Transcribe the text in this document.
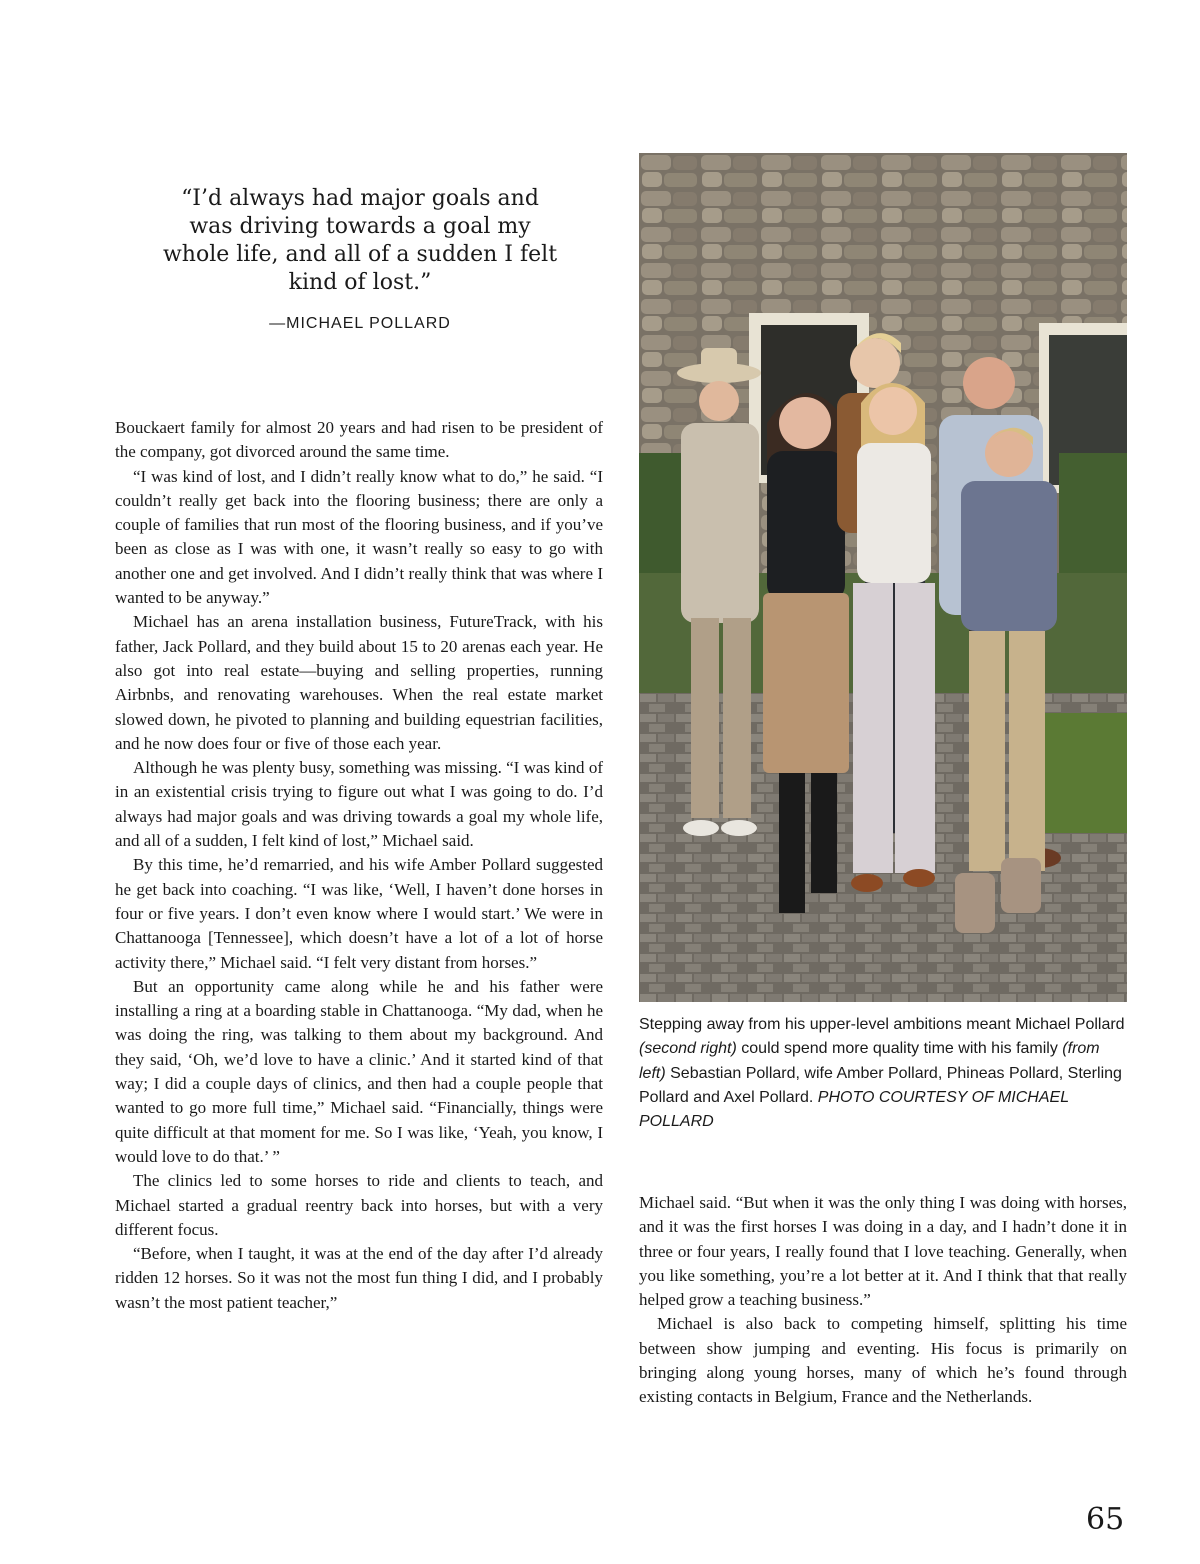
“I’d always had major goals and was driving towards a goal my whole life, and all of a sudden I felt kind of lost.”

—MICHAEL POLLARD

Bouckaert family for almost 20 years and had risen to be president of the company, got divorced around the same time.

“I was kind of lost, and I didn’t really know what to do,” he said. “I couldn’t really get back into the flooring business; there are only a couple of families that run most of the flooring business, and if you’ve been as close as I was with one, it wasn’t really so easy to go with another one and get involved. And I didn’t really think that was where I wanted to be anyway.”

Michael has an arena installation business, FutureTrack, with his father, Jack Pollard, and they build about 15 to 20 arenas each year. He also got into real estate—buying and selling properties, running Airbnbs, and renovating warehouses. When the real estate market slowed down, he pivoted to planning and building equestrian facilities, and he now does four or five of those each year.

Although he was plenty busy, something was missing. “I was kind of in an existential crisis trying to figure out what I was going to do. I’d always had major goals and was driving towards a goal my whole life, and all of a sudden, I felt kind of lost,” Michael said.

By this time, he’d remarried, and his wife Amber Pollard suggested he get back into coaching. “I was like, ‘Well, I haven’t done horses in four or five years. I don’t even know where I would start.’ We were in Chattanooga [Tennessee], which doesn’t have a lot of a lot of horse activity there,” Michael said. “I felt very distant from horses.”

But an opportunity came along while he and his father were installing a ring at a boarding stable in Chattanooga. “My dad, when he was doing the ring, was talking to them about my background. And they said, ‘Oh, we’d love to have a clinic.’ And it started kind of that way; I did a couple days of clinics, and then had a couple people that wanted to go more full time,” Michael said. “Financially, things were quite difficult at that moment for me. So I was like, ‘Yeah, you know, I would love to do that.’ ”

The clinics led to some horses to ride and clients to teach, and Michael started a gradual reentry back into horses, but with a very different focus.

“Before, when I taught, it was at the end of the day after I’d already ridden 12 horses. So it was not the most fun thing I did, and I probably wasn’t the most patient teacher,”

Stepping away from his upper-level ambitions meant Michael Pollard (second right) could spend more quality time with his family (from left) Sebastian Pollard, wife Amber Pollard, Phineas Pollard, Sterling Pollard and Axel Pollard. PHOTO COURTESY OF MICHAEL POLLARD

Michael said. “But when it was the only thing I was doing with horses, and it was the first horses I was doing in a day, and I hadn’t done it in three or four years, I really found that I love teaching. Generally, when you like something, you’re a lot better at it. And I think that that really helped grow a teaching business.”

Michael is also back to competing himself, splitting his time between show jumping and eventing. His focus is primarily on bringing along young horses, many of which he’s found through existing contacts in Belgium, France and the Netherlands.

65
